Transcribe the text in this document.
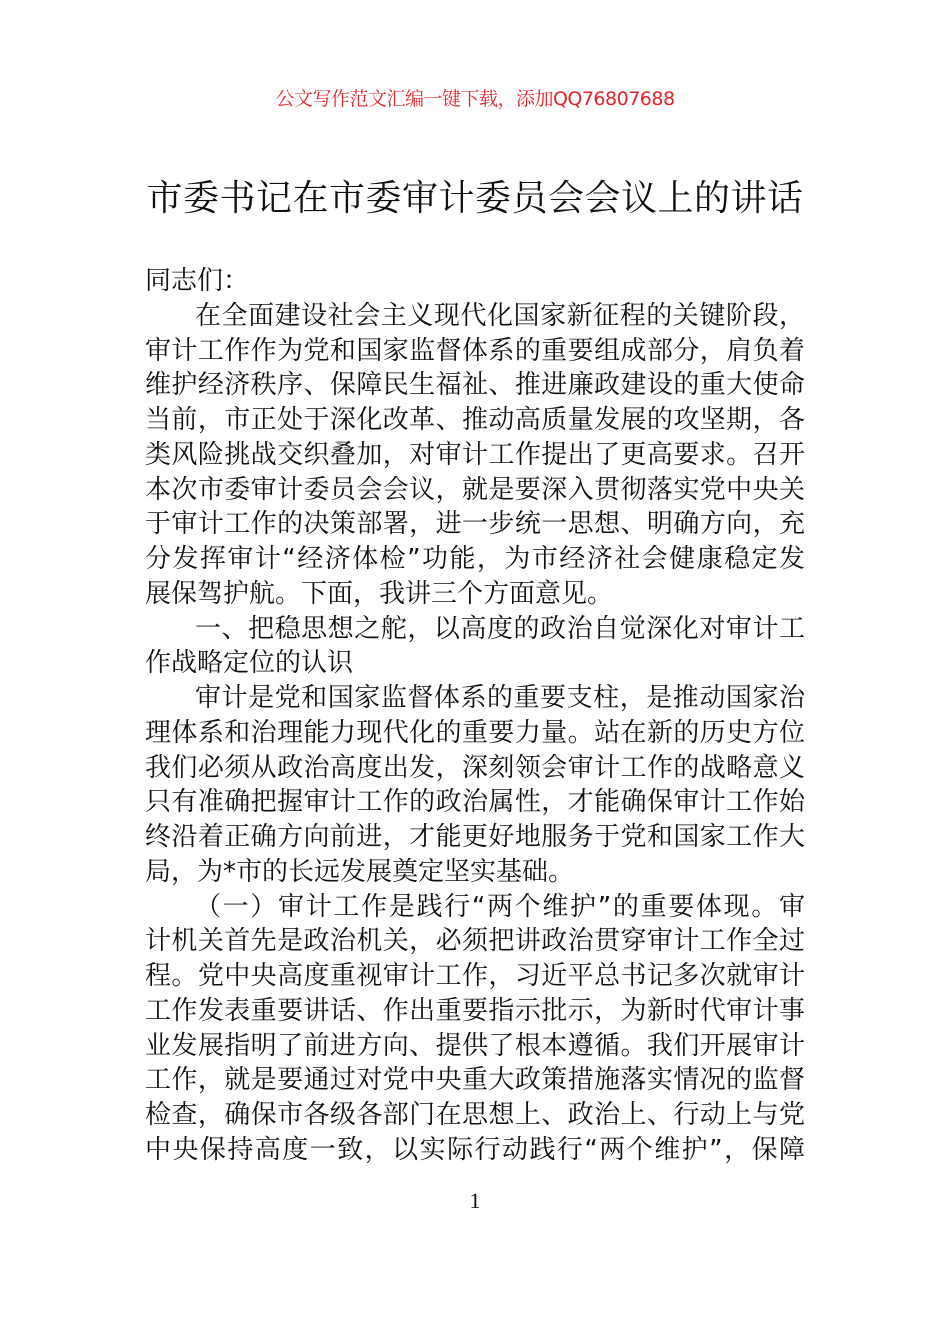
公文写作范文汇编一键下载，添加QQ76807688
市委书记在市委审计委员会会议上的讲话
同志们：
在全面建设社会主义现代化国家新征程的关键阶段，
审计工作作为党和国家监督体系的重要组成部分，肩负着
维护经济秩序、保障民生福祉、推进廉政建设的重大使命
当前，市正处于深化改革、推动高质量发展的攻坚期，各
类风险挑战交织叠加，对审计工作提出了更高要求。召开
本次市委审计委员会会议，就是要深入贯彻落实党中央关
于审计工作的决策部署，进一步统一思想、明确方向，充
分发挥审计“经济体检”功能，为市经济社会健康稳定发
展保驾护航。下面，我讲三个方面意见。
一、把稳思想之舵，以高度的政治自觉深化对审计工
作战略定位的认识
审计是党和国家监督体系的重要支柱，是推动国家治
理体系和治理能力现代化的重要力量。站在新的历史方位
我们必须从政治高度出发，深刻领会审计工作的战略意义
只有准确把握审计工作的政治属性，才能确保审计工作始
终沿着正确方向前进，才能更好地服务于党和国家工作大
局，为*市的长远发展奠定坚实基础。
（一）审计工作是践行“两个维护”的重要体现。审
计机关首先是政治机关，必须把讲政治贯穿审计工作全过
程。党中央高度重视审计工作，习近平总书记多次就审计
工作发表重要讲话、作出重要指示批示，为新时代审计事
业发展指明了前进方向、提供了根本遵循。我们开展审计
工作，就是要通过对党中央重大政策措施落实情况的监督
检查，确保市各级各部门在思想上、政治上、行动上与党
中央保持高度一致，以实际行动践行“两个维护”，保障
1
